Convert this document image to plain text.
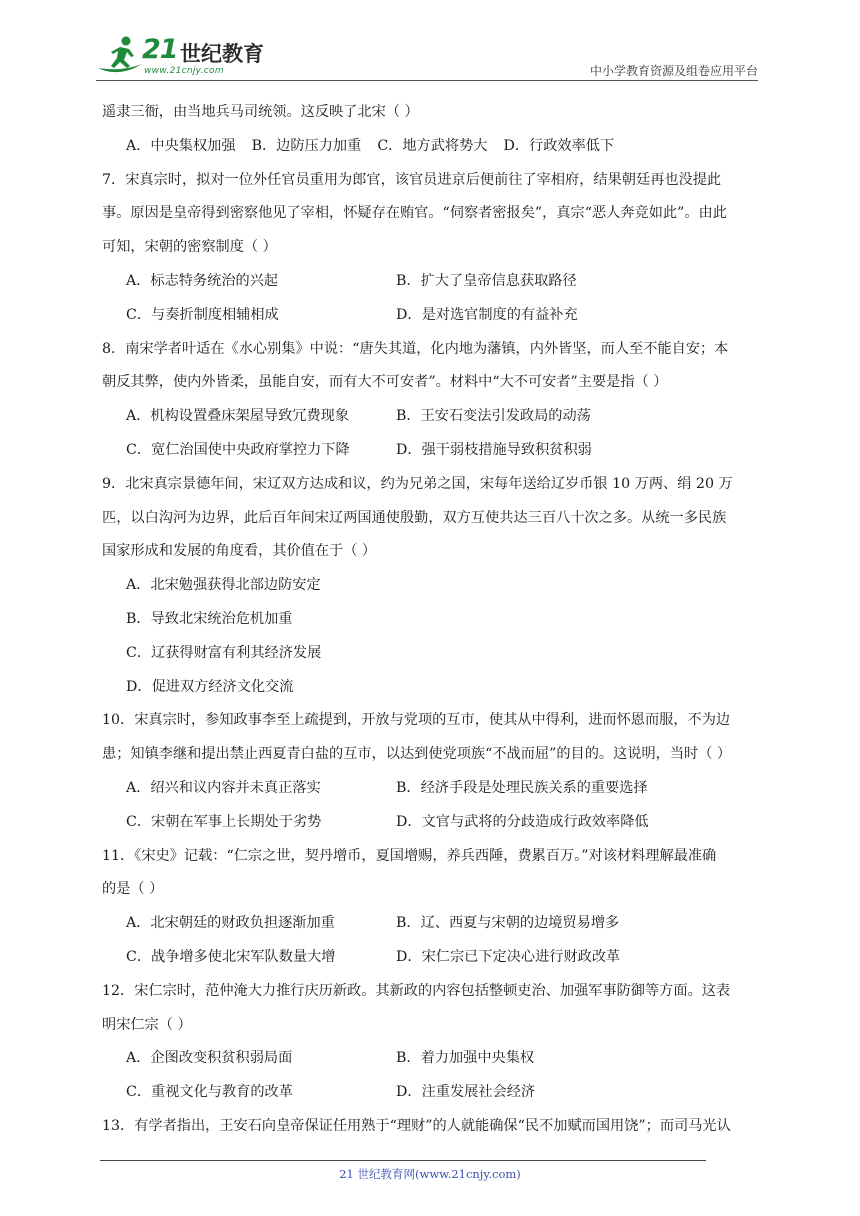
21 世纪教育
www.21cnjy.com	中小学教育资源及组卷应用平台
遥隶三衙，由当地兵马司统领。这反映了北宋（ ）
A．中央集权加强 B．边防压力加重 C．地方武将势大 D．行政效率低下
7．宋真宗时，拟对一位外任官员重用为郎官，该官员进京后便前往了宰相府，结果朝廷再也没提此
事。原因是皇帝得到密察他见了宰相，怀疑存在贿官。“伺察者密报矣”，真宗“恶人奔竞如此”。由此
可知，宋朝的密察制度（ ）
A．标志特务统治的兴起	B．扩大了皇帝信息获取路径
C．与奏折制度相辅相成	D．是对选官制度的有益补充
8．南宋学者叶适在《水心别集》中说：“唐失其道，化内地为藩镇，内外皆坚，而人至不能自安；本
朝反其弊，使内外皆柔，虽能自安，而有大不可安者”。材料中“大不可安者”主要是指（ ）
A．机构设置叠床架屋导致冗费现象	B．王安石变法引发政局的动荡
C．宽仁治国使中央政府掌控力下降	D．强干弱枝措施导致积贫积弱
9．北宋真宗景德年间，宋辽双方达成和议，约为兄弟之国，宋每年送给辽岁币银 10 万两、绢 20 万
匹，以白沟河为边界，此后百年间宋辽两国通使殷勤，双方互使共达三百八十次之多。从统一多民族
国家形成和发展的角度看，其价值在于（ ）
A．北宋勉强获得北部边防安定
B．导致北宋统治危机加重
C．辽获得财富有利其经济发展
D．促进双方经济文化交流
10．宋真宗时，参知政事李至上疏提到，开放与党项的互市，使其从中得利，进而怀恩而服，不为边
患；知镇李继和提出禁止西夏青白盐的互市，以达到使党项族“不战而屈”的目的。这说明，当时（ ）
A．绍兴和议内容并未真正落实	B．经济手段是处理民族关系的重要选择
C．宋朝在军事上长期处于劣势	D．文官与武将的分歧造成行政效率降低
11．《宋史》记载：“仁宗之世，契丹增币，夏国增赐，养兵西陲，费累百万。”对该材料理解最准确
的是（ ）
A．北宋朝廷的财政负担逐渐加重	B．辽、西夏与宋朝的边境贸易增多
C．战争增多使北宋军队数量大增	D．宋仁宗已下定决心进行财政改革
12．宋仁宗时，范仲淹大力推行庆历新政。其新政的内容包括整顿吏治、加强军事防御等方面。这表
明宋仁宗（ ）
A．企图改变积贫积弱局面	B．着力加强中央集权
C．重视文化与教育的改革	D．注重发展社会经济
13．有学者指出，王安石向皇帝保证任用熟于“理财”的人就能确保“民不加赋而国用饶”；而司马光认
21 世纪教育网(www.21cnjy.com)
